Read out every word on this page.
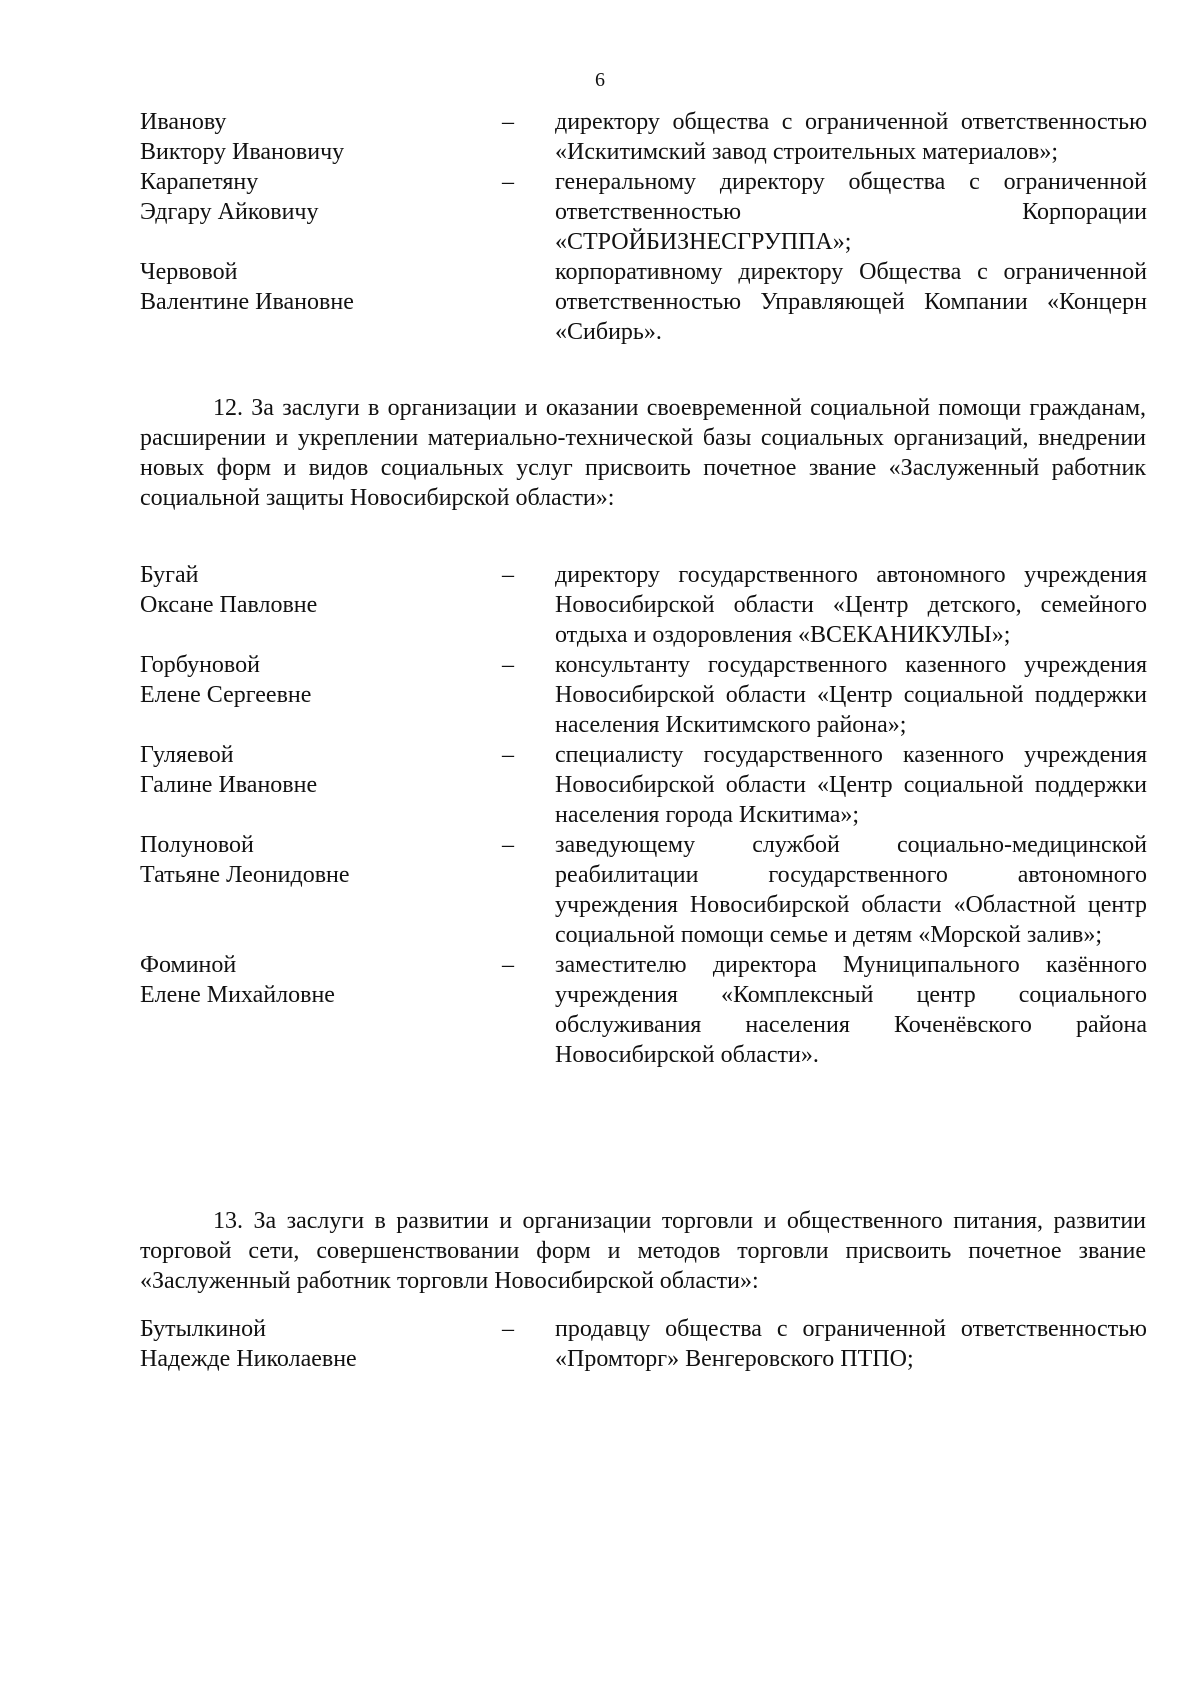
6
Иванову
Виктору Ивановичу
– директору общества с ограниченной ответственностью «Искитимский завод строительных материалов»;
Карапетяну
Эдгару Айковичу
– генеральному директору общества с ограниченной ответственностью Корпорации «СТРОЙБИЗНЕСГРУППА»;
Червовой
Валентине Ивановне
корпоративному директору Общества с ограниченной ответственностью Управляющей Компании «Концерн «Сибирь».
12. За заслуги в организации и оказании своевременной социальной помощи гражданам, расширении и укреплении материально-технической базы социальных организаций, внедрении новых форм и видов социальных услуг присвоить почетное звание «Заслуженный работник социальной защиты Новосибирской области»:
Бугай
Оксане Павловне
– директору государственного автономного учреждения Новосибирской области «Центр детского, семейного отдыха и оздоровления «ВСЕКАНИКУЛЫ»;
Горбуновой
Елене Сергеевне
– консультанту государственного казенного учреждения Новосибирской области «Центр социальной поддержки населения Искитимского района»;
Гуляевой
Галине Ивановне
– специалисту государственного казенного учреждения Новосибирской области «Центр социальной поддержки населения города Искитима»;
Полуновой
Татьяне Леонидовне
– заведующему службой социально-медицинской реабилитации государственного автономного учреждения Новосибирской области «Областной центр социальной помощи семье и детям «Морской залив»;
Фоминой
Елене Михайловне
– заместителю директора Муниципального казённого учреждения «Комплексный центр социального обслуживания населения Коченёвского района Новосибирской области».
13. За заслуги в развитии и организации торговли и общественного питания, развитии торговой сети, совершенствовании форм и методов торговли присвоить почетное звание «Заслуженный работник торговли Новосибирской области»:
Бутылкиной
Надежде Николаевне
– продавцу общества с ограниченной ответственностью «Промторг» Венгеровского ПТПО;
